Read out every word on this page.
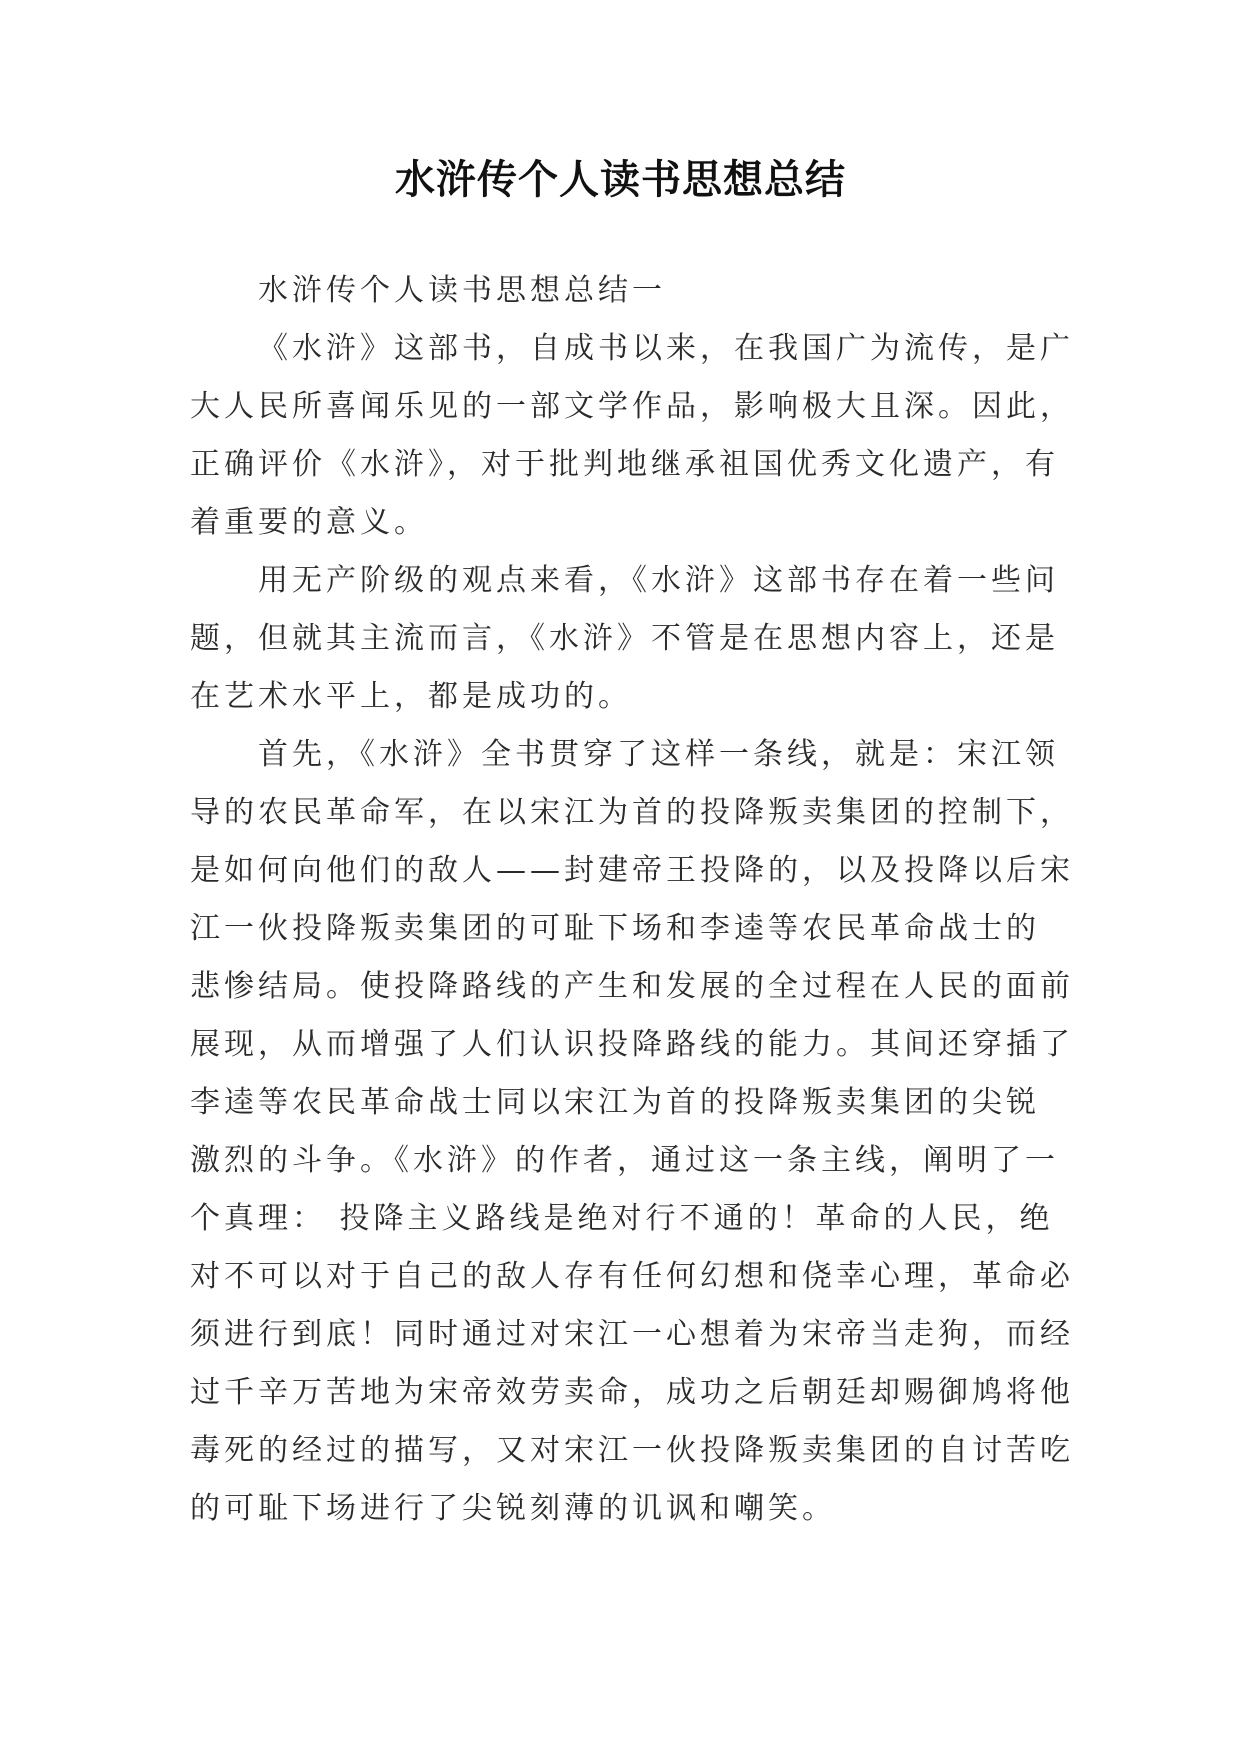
水浒传个人读书思想总结

水浒传个人读书思想总结一

《水浒》这部书，自成书以来，在我国广为流传，是广
大人民所喜闻乐见的一部文学作品，影响极大且深。因此，
正确评价《水浒》，对于批判地继承祖国优秀文化遗产，有
着重要的意义。

用无产阶级的观点来看，《水浒》这部书存在着一些问
题，但就其主流而言，《水浒》不管是在思想内容上，还是
在艺术水平上，都是成功的。

首先，《水浒》全书贯穿了这样一条线，就是：宋江领
导的农民革命军，在以宋江为首的投降叛卖集团的控制下，
是如何向他们的敌人——封建帝王投降的，以及投降以后宋
江一伙投降叛卖集团的可耻下场和李逵等农民革命战士的
悲惨结局。使投降路线的产生和发展的全过程在人民的面前
展现，从而增强了人们认识投降路线的能力。其间还穿插了
李逵等农民革命战士同以宋江为首的投降叛卖集团的尖锐
激烈的斗争。《水浒》的作者，通过这一条主线，阐明了一
个真理： 投降主义路线是绝对行不通的！革命的人民，绝
对不可以对于自己的敌人存有任何幻想和侥幸心理，革命必
须进行到底！同时通过对宋江一心想着为宋帝当走狗，而经
过千辛万苦地为宋帝效劳卖命，成功之后朝廷却赐御鸠将他
毒死的经过的描写，又对宋江一伙投降叛卖集团的自讨苦吃
的可耻下场进行了尖锐刻薄的讥讽和嘲笑。
